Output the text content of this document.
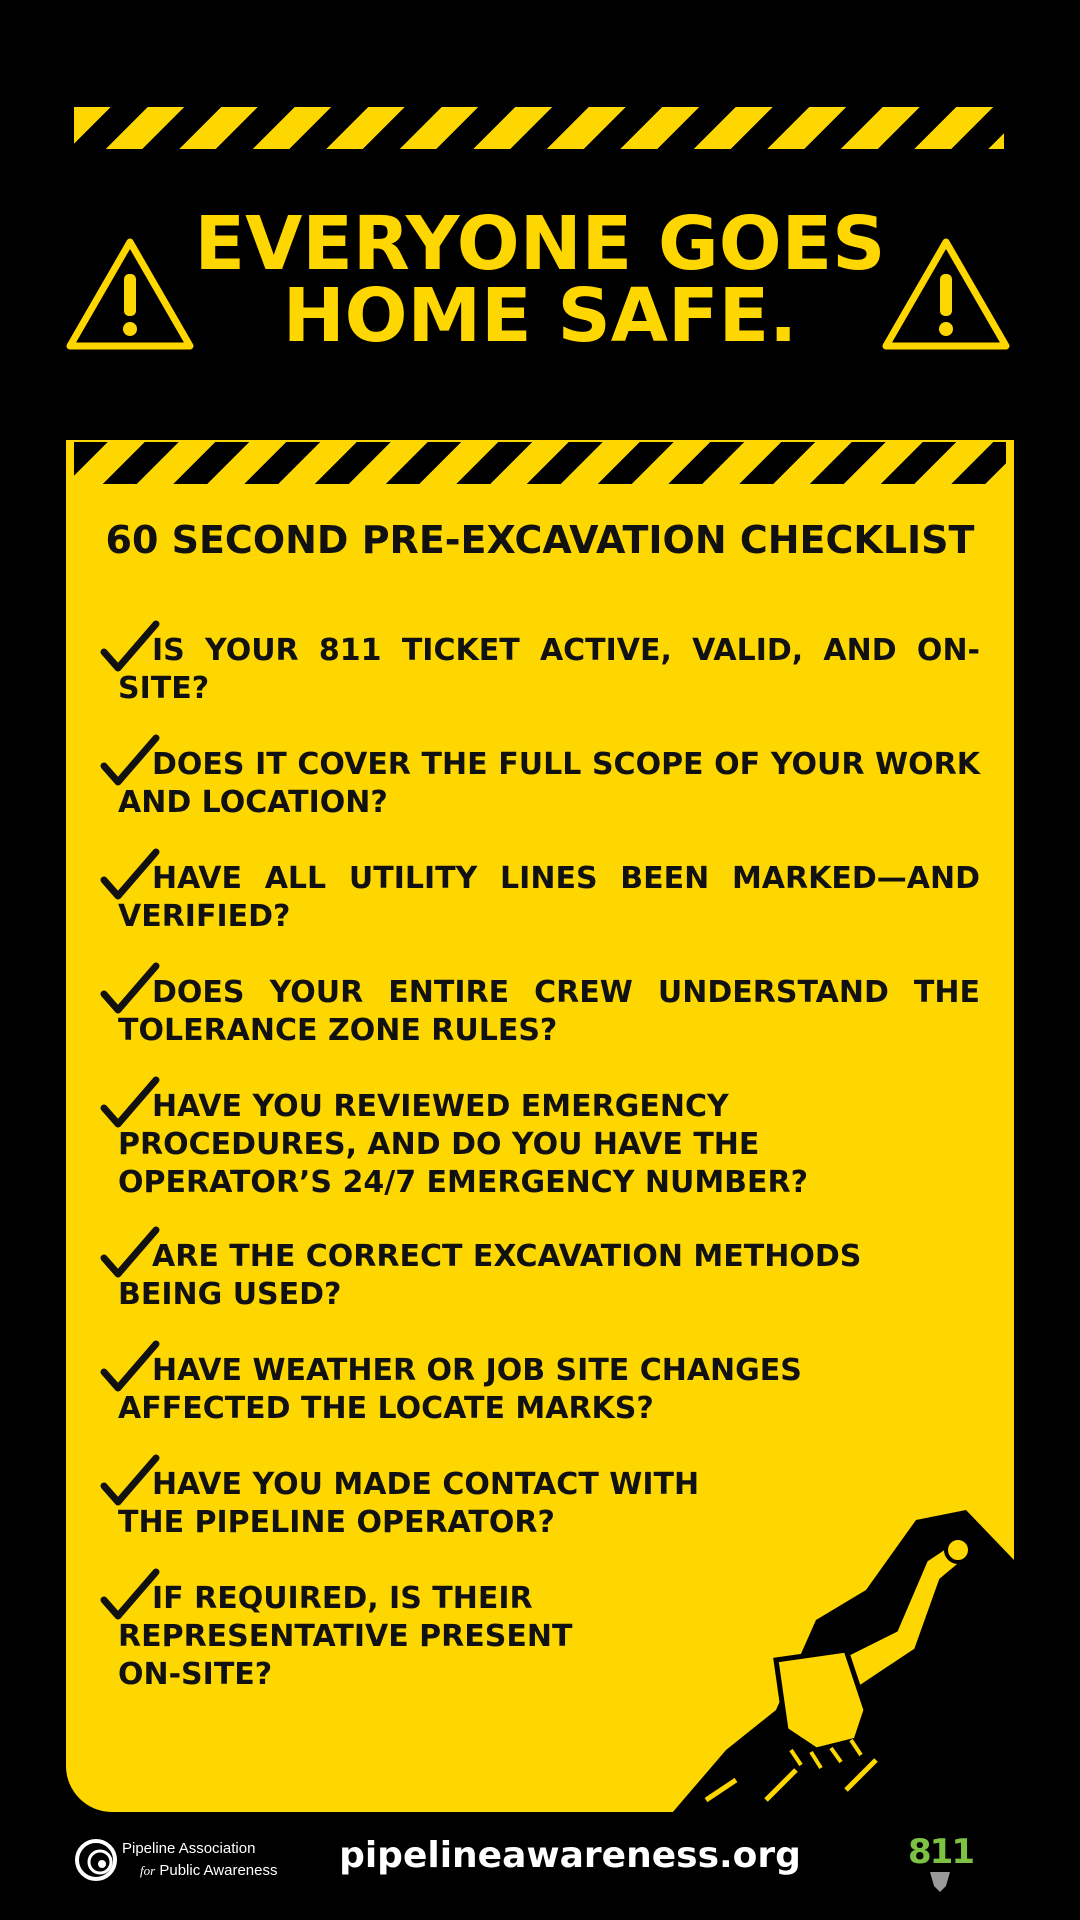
EVERYONE GOES
HOME SAFE.
60 SECOND PRE-EXCAVATION CHECKLIST
IS YOUR 811 TICKET ACTIVE, VALID, AND ON-SITE?
DOES IT COVER THE FULL SCOPE OF YOUR WORK AND LOCATION?
HAVE ALL UTILITY LINES BEEN MARKED—AND VERIFIED?
DOES YOUR ENTIRE CREW UNDERSTAND THE TOLERANCE ZONE RULES?
HAVE YOU REVIEWED EMERGENCY PROCEDURES, AND DO YOU HAVE THE OPERATOR’S 24/7 EMERGENCY NUMBER?
ARE THE CORRECT EXCAVATION METHODS BEING USED?
HAVE WEATHER OR JOB SITE CHANGES AFFECTED THE LOCATE MARKS?
HAVE YOU MADE CONTACT WITH THE PIPELINE OPERATOR?
IF REQUIRED, IS THEIR REPRESENTATIVE PRESENT ON-SITE?
Pipeline Association
for Public Awareness pipelineawareness.org	811
